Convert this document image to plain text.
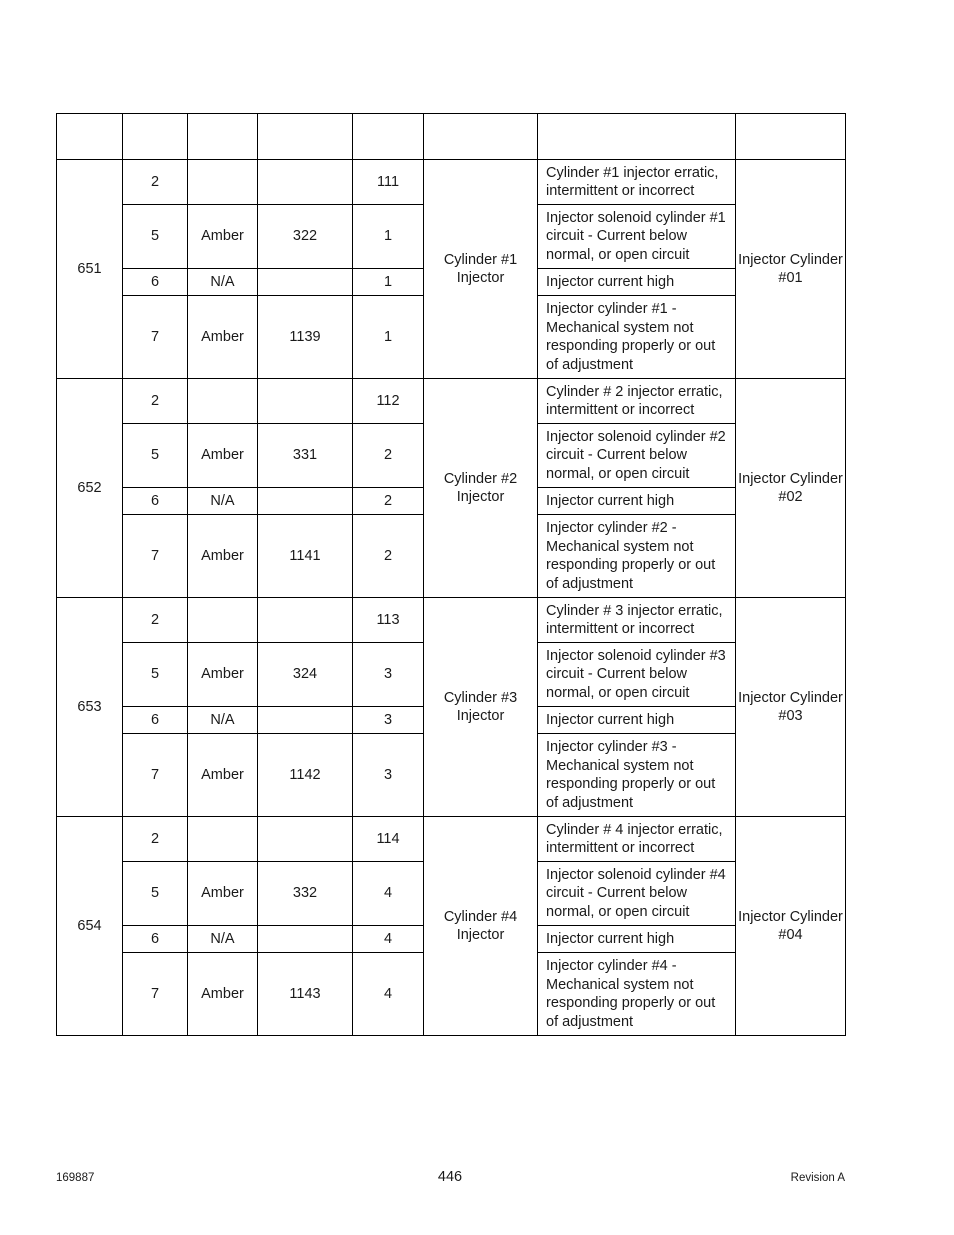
651	2			111	Cylinder #1 Injector	Cylinder #1 injector erratic, intermittent or incorrect	Injector Cylinder #01
	5	Amber	322	1		Injector solenoid cylinder #1 circuit - Current below normal, or open circuit	
	6	N/A		1		Injector current high	
	7	Amber	1139	1		Injector cylinder #1 - Mechanical system not responding properly or out of adjustment	
652	2			112	Cylinder #2 Injector	Cylinder # 2 injector erratic, intermittent or incorrect	Injector Cylinder #02
	5	Amber	331	2		Injector solenoid cylinder #2 circuit - Current below normal, or open circuit	
	6	N/A		2		Injector current high	
	7	Amber	1141	2		Injector cylinder #2 - Mechanical system not responding properly or out of adjustment	
653	2			113	Cylinder #3 Injector	Cylinder # 3 injector erratic, intermittent or incorrect	Injector Cylinder #03
	5	Amber	324	3		Injector solenoid cylinder #3 circuit - Current below normal, or open circuit	
	6	N/A		3		Injector current high	
	7	Amber	1142	3		Injector cylinder #3 - Mechanical system not responding properly or out of adjustment	
654	2			114	Cylinder #4 Injector	Cylinder # 4 injector erratic, intermittent or incorrect	Injector Cylinder #04
	5	Amber	332	4		Injector solenoid cylinder #4 circuit - Current below normal, or open circuit	
	6	N/A		4		Injector current high	
	7	Amber	1143	4		Injector cylinder #4 - Mechanical system not responding properly or out of adjustment	
169887	446	Revision A
